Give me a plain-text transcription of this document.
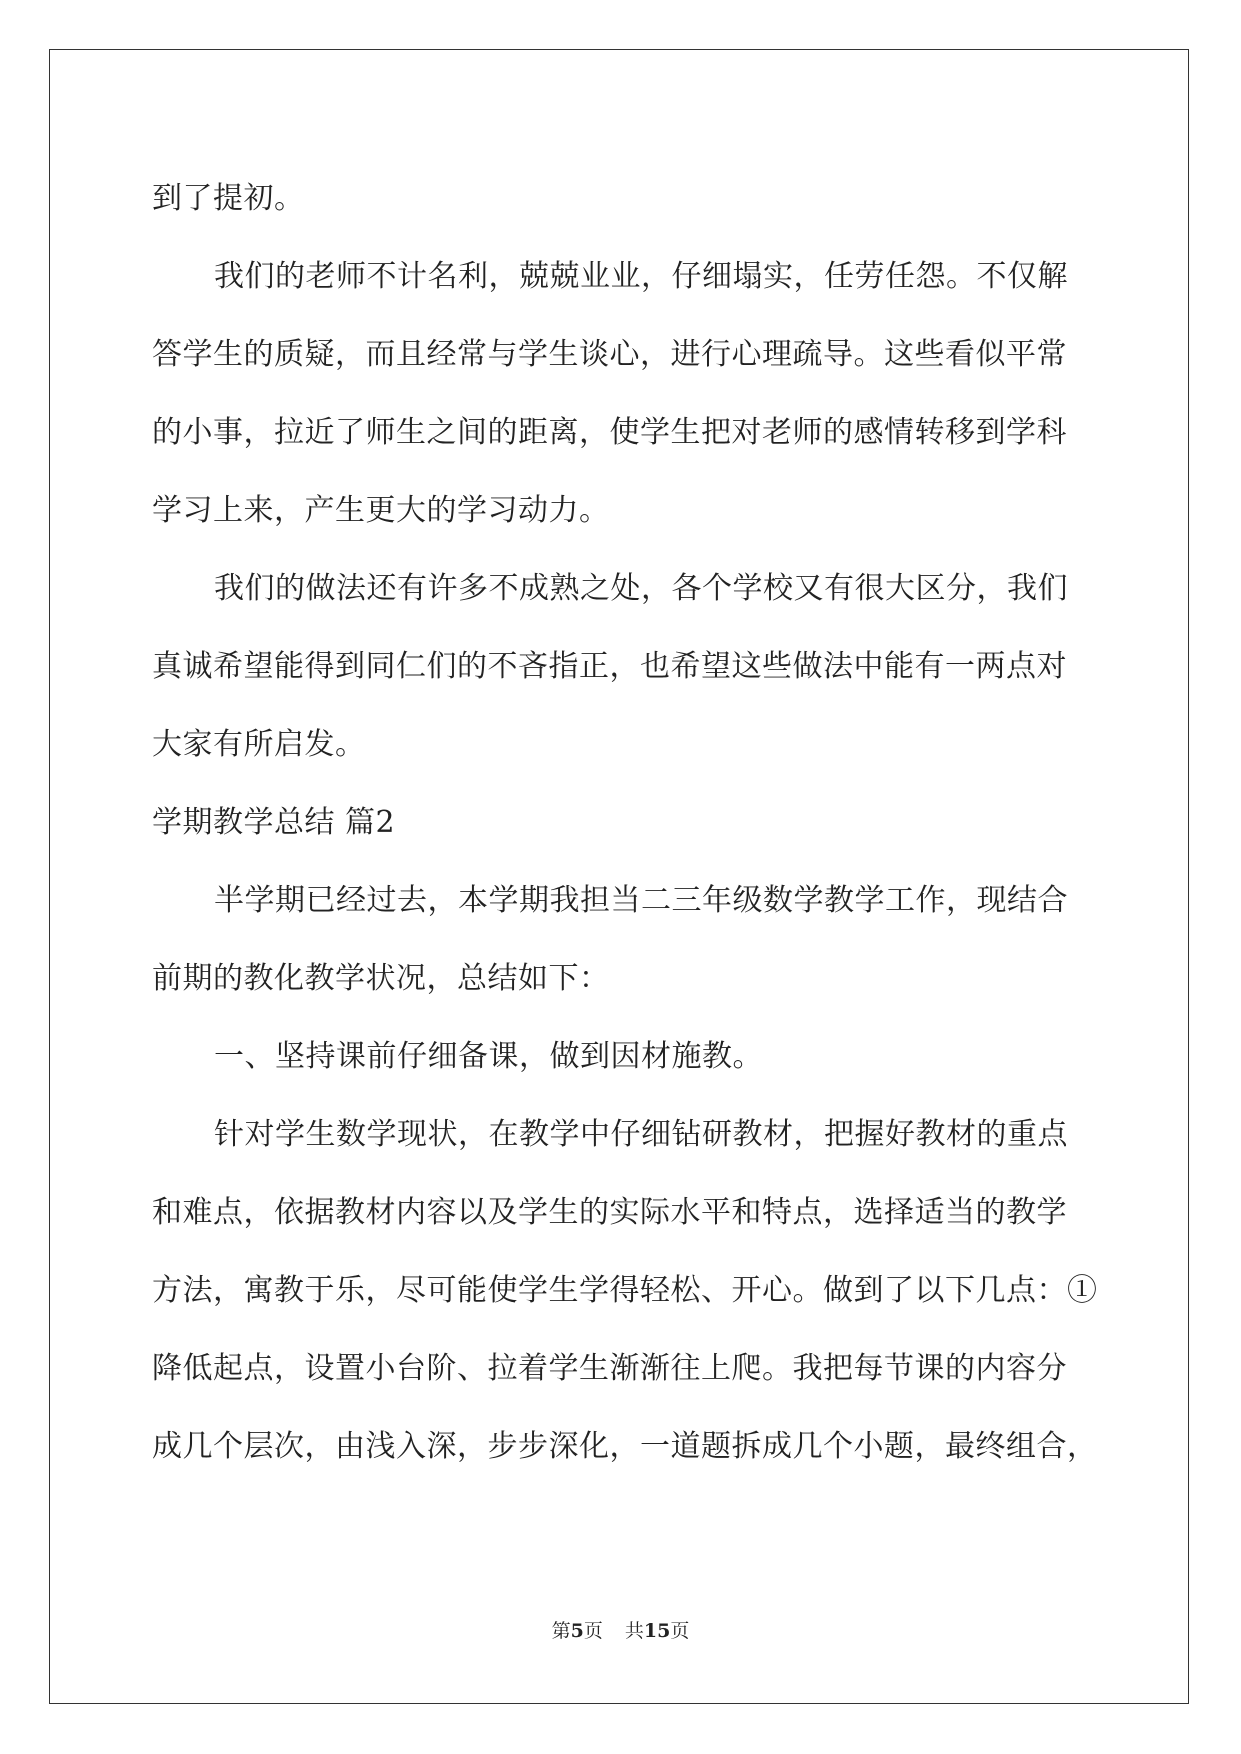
到了提初。
我们的老师不计名利，兢兢业业，仔细塌实，任劳任怨。不仅解
答学生的质疑，而且经常与学生谈心，进行心理疏导。这些看似平常
的小事，拉近了师生之间的距离，使学生把对老师的感情转移到学科
学习上来，产生更大的学习动力。
我们的做法还有许多不成熟之处，各个学校又有很大区分，我们
真诚希望能得到同仁们的不吝指正，也希望这些做法中能有一两点对
大家有所启发。
学期教学总结 篇2
半学期已经过去，本学期我担当二三年级数学教学工作，现结合
前期的教化教学状况，总结如下：
一、坚持课前仔细备课，做到因材施教。
针对学生数学现状，在教学中仔细钻研教材，把握好教材的重点
和难点，依据教材内容以及学生的实际水平和特点，选择适当的教学
方法，寓教于乐，尽可能使学生学得轻松、开心。做到了以下几点：①
降低起点，设置小台阶、拉着学生渐渐往上爬。我把每节课的内容分
成几个层次，由浅入深，步步深化，一道题拆成几个小题，最终组合，
第5页 共15页
